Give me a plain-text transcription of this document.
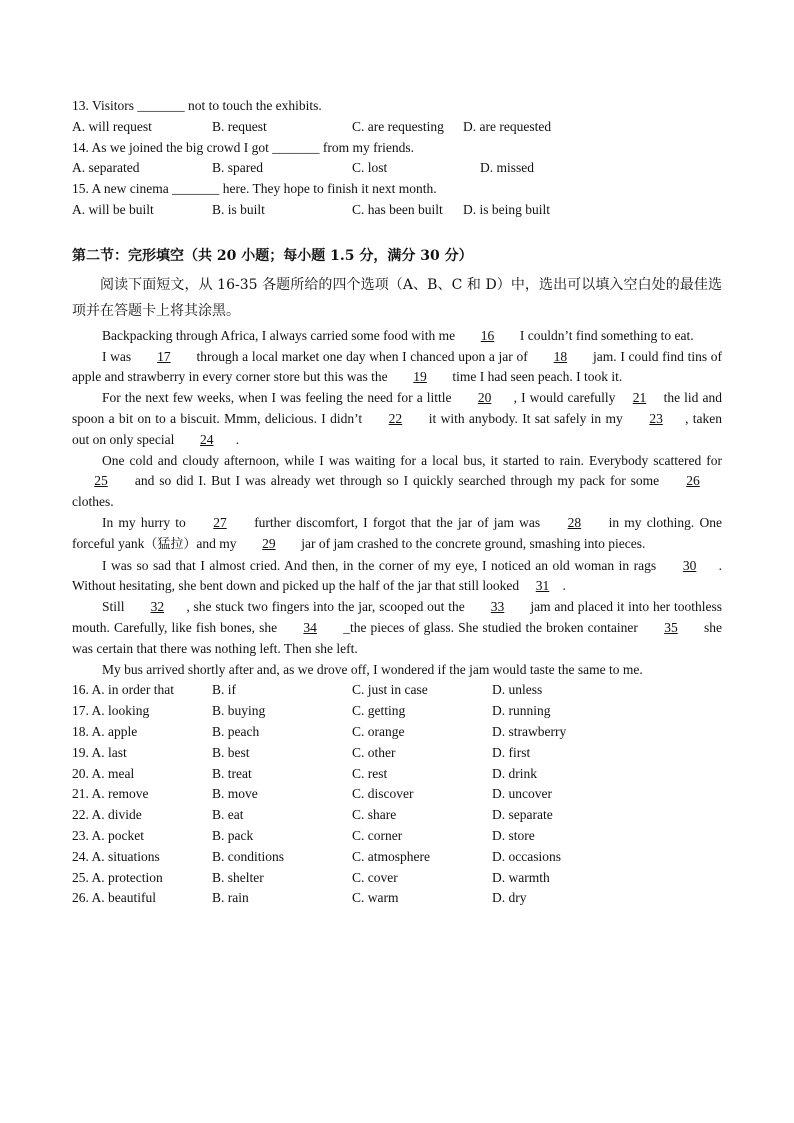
13. Visitors _______ not to touch the exhibits.
A. will request	B. request	C. are requesting D. are requested
14. As we joined the big crowd I got _______ from my friends.
A. separated	B. spared	C. lost	D. missed
15. A new cinema _______ here. They hope to finish it next month.
A. will be built	B. is built	C. has been built D. is being built
第二节：完形填空（共 20 小题；每小题 1.5 分，满分 30 分）
阅读下面短文，从 16-35 各题所给的四个选项（A、B、C 和 D）中，选出可以填入空白处的最佳选项并在答题卡上将其涂黑。

Backpacking through Africa, I always carried some food with me 16 I couldn’t find something to eat.

I was 17 through a local market one day when I chanced upon a jar of 18 jam. I could find tins of apple and strawberry in every corner store but this was the 19 time I had seen peach. I took it.

For the next few weeks, when I was feeling the need for a little 20 , I would carefully 21 the lid and spoon a bit on to a biscuit. Mmm, delicious. I didn’t 22 it with anybody. It sat safely in my 23 , taken out on only special 24 .

One cold and cloudy afternoon, while I was waiting for a local bus, it started to rain. Everybody scattered for 25 and so did I. But I was already wet through so I quickly searched through my pack for some 26 clothes.

In my hurry to 27 further discomfort, I forgot that the jar of jam was 28 in my clothing. One forceful yank（猛拉）and my 29 jar of jam crashed to the concrete ground, smashing into pieces.

I was so sad that I almost cried. And then, in the corner of my eye, I noticed an old woman in rags 30 . Without hesitating, she bent down and picked up the half of the jar that still looked 31 .

Still 32 , she stuck two fingers into the jar, scooped out the 33 jam and placed it into her toothless mouth. Carefully, like fish bones, she 34 _the pieces of glass. She studied the broken container 35 she was certain that there was nothing left. Then she left.

My bus arrived shortly after and, as we drove off, I wondered if the jam would taste the same to me.

16. A. in order that	B. if	C. just in case	D. unless
17. A. looking	B. buying	C. getting	D. running
18. A. apple	B. peach	C. orange	D. strawberry
19. A. last	B. best	C. other	D. first
20. A. meal	B. treat	C. rest	D. drink
21. A. remove	B. move	C. discover	D. uncover
22. A. divide	B. eat	C. share	D. separate
23. A. pocket	B. pack	C. corner	D. store
24. A. situations	B. conditions	C. atmosphere	D. occasions
25. A. protection	B. shelter	C. cover	D. warmth
26. A. beautiful	B. rain	C. warm	D. dry
